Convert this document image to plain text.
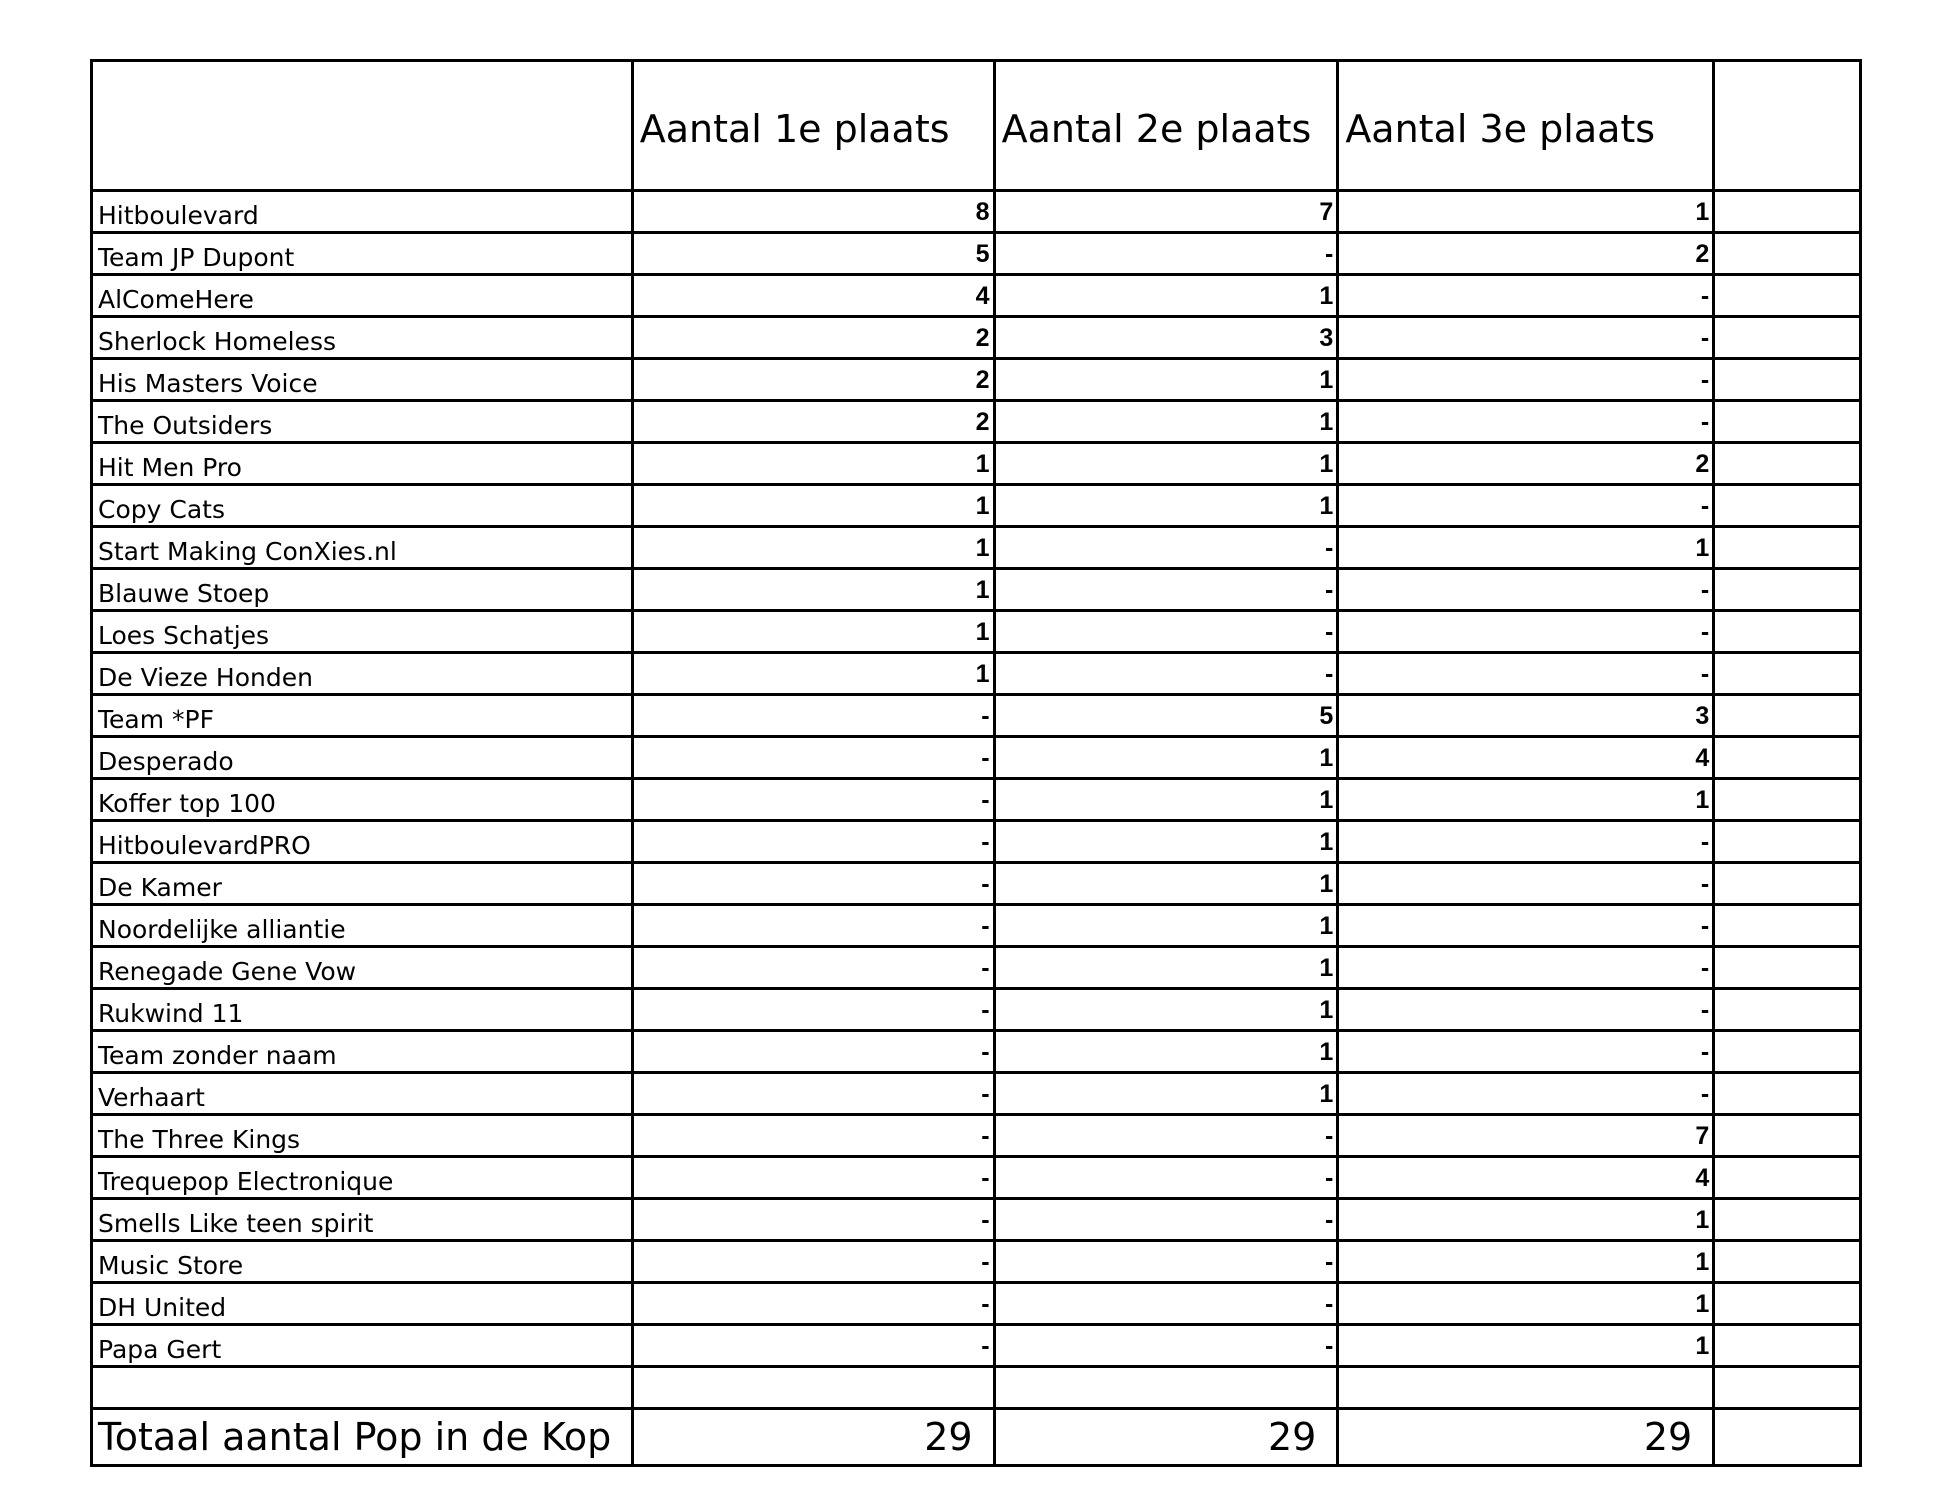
	Aantal 1e plaats	Aantal 2e plaats	Aantal 3e plaats	
Hitboulevard	8	7	1	
Team JP Dupont	5	-	2	
AlComeHere	4	1	-	
Sherlock Homeless	2	3	-	
His Masters Voice	2	1	-	
The Outsiders	2	1	-	
Hit Men Pro	1	1	2	
Copy Cats	1	1	-	
Start Making ConXies.nl	1	-	1	
Blauwe Stoep	1	-	-	
Loes Schatjes	1	-	-	
De Vieze Honden	1	-	-	
Team *PF	-	5	3	
Desperado	-	1	4	
Koffer top 100	-	1	1	
HitboulevardPRO	-	1	-	
De Kamer	-	1	-	
Noordelijke alliantie	-	1	-	
Renegade Gene Vow	-	1	-	
Rukwind 11	-	1	-	
Team zonder naam	-	1	-	
Verhaart	-	1	-	
The Three Kings	-	-	7	
Trequepop Electronique	-	-	4	
Smells Like teen spirit	-	-	1	
Music Store	-	-	1	
DH United	-	-	1	
Papa Gert	-	-	1	

Totaal aantal Pop in de Kop	29	29	29	
